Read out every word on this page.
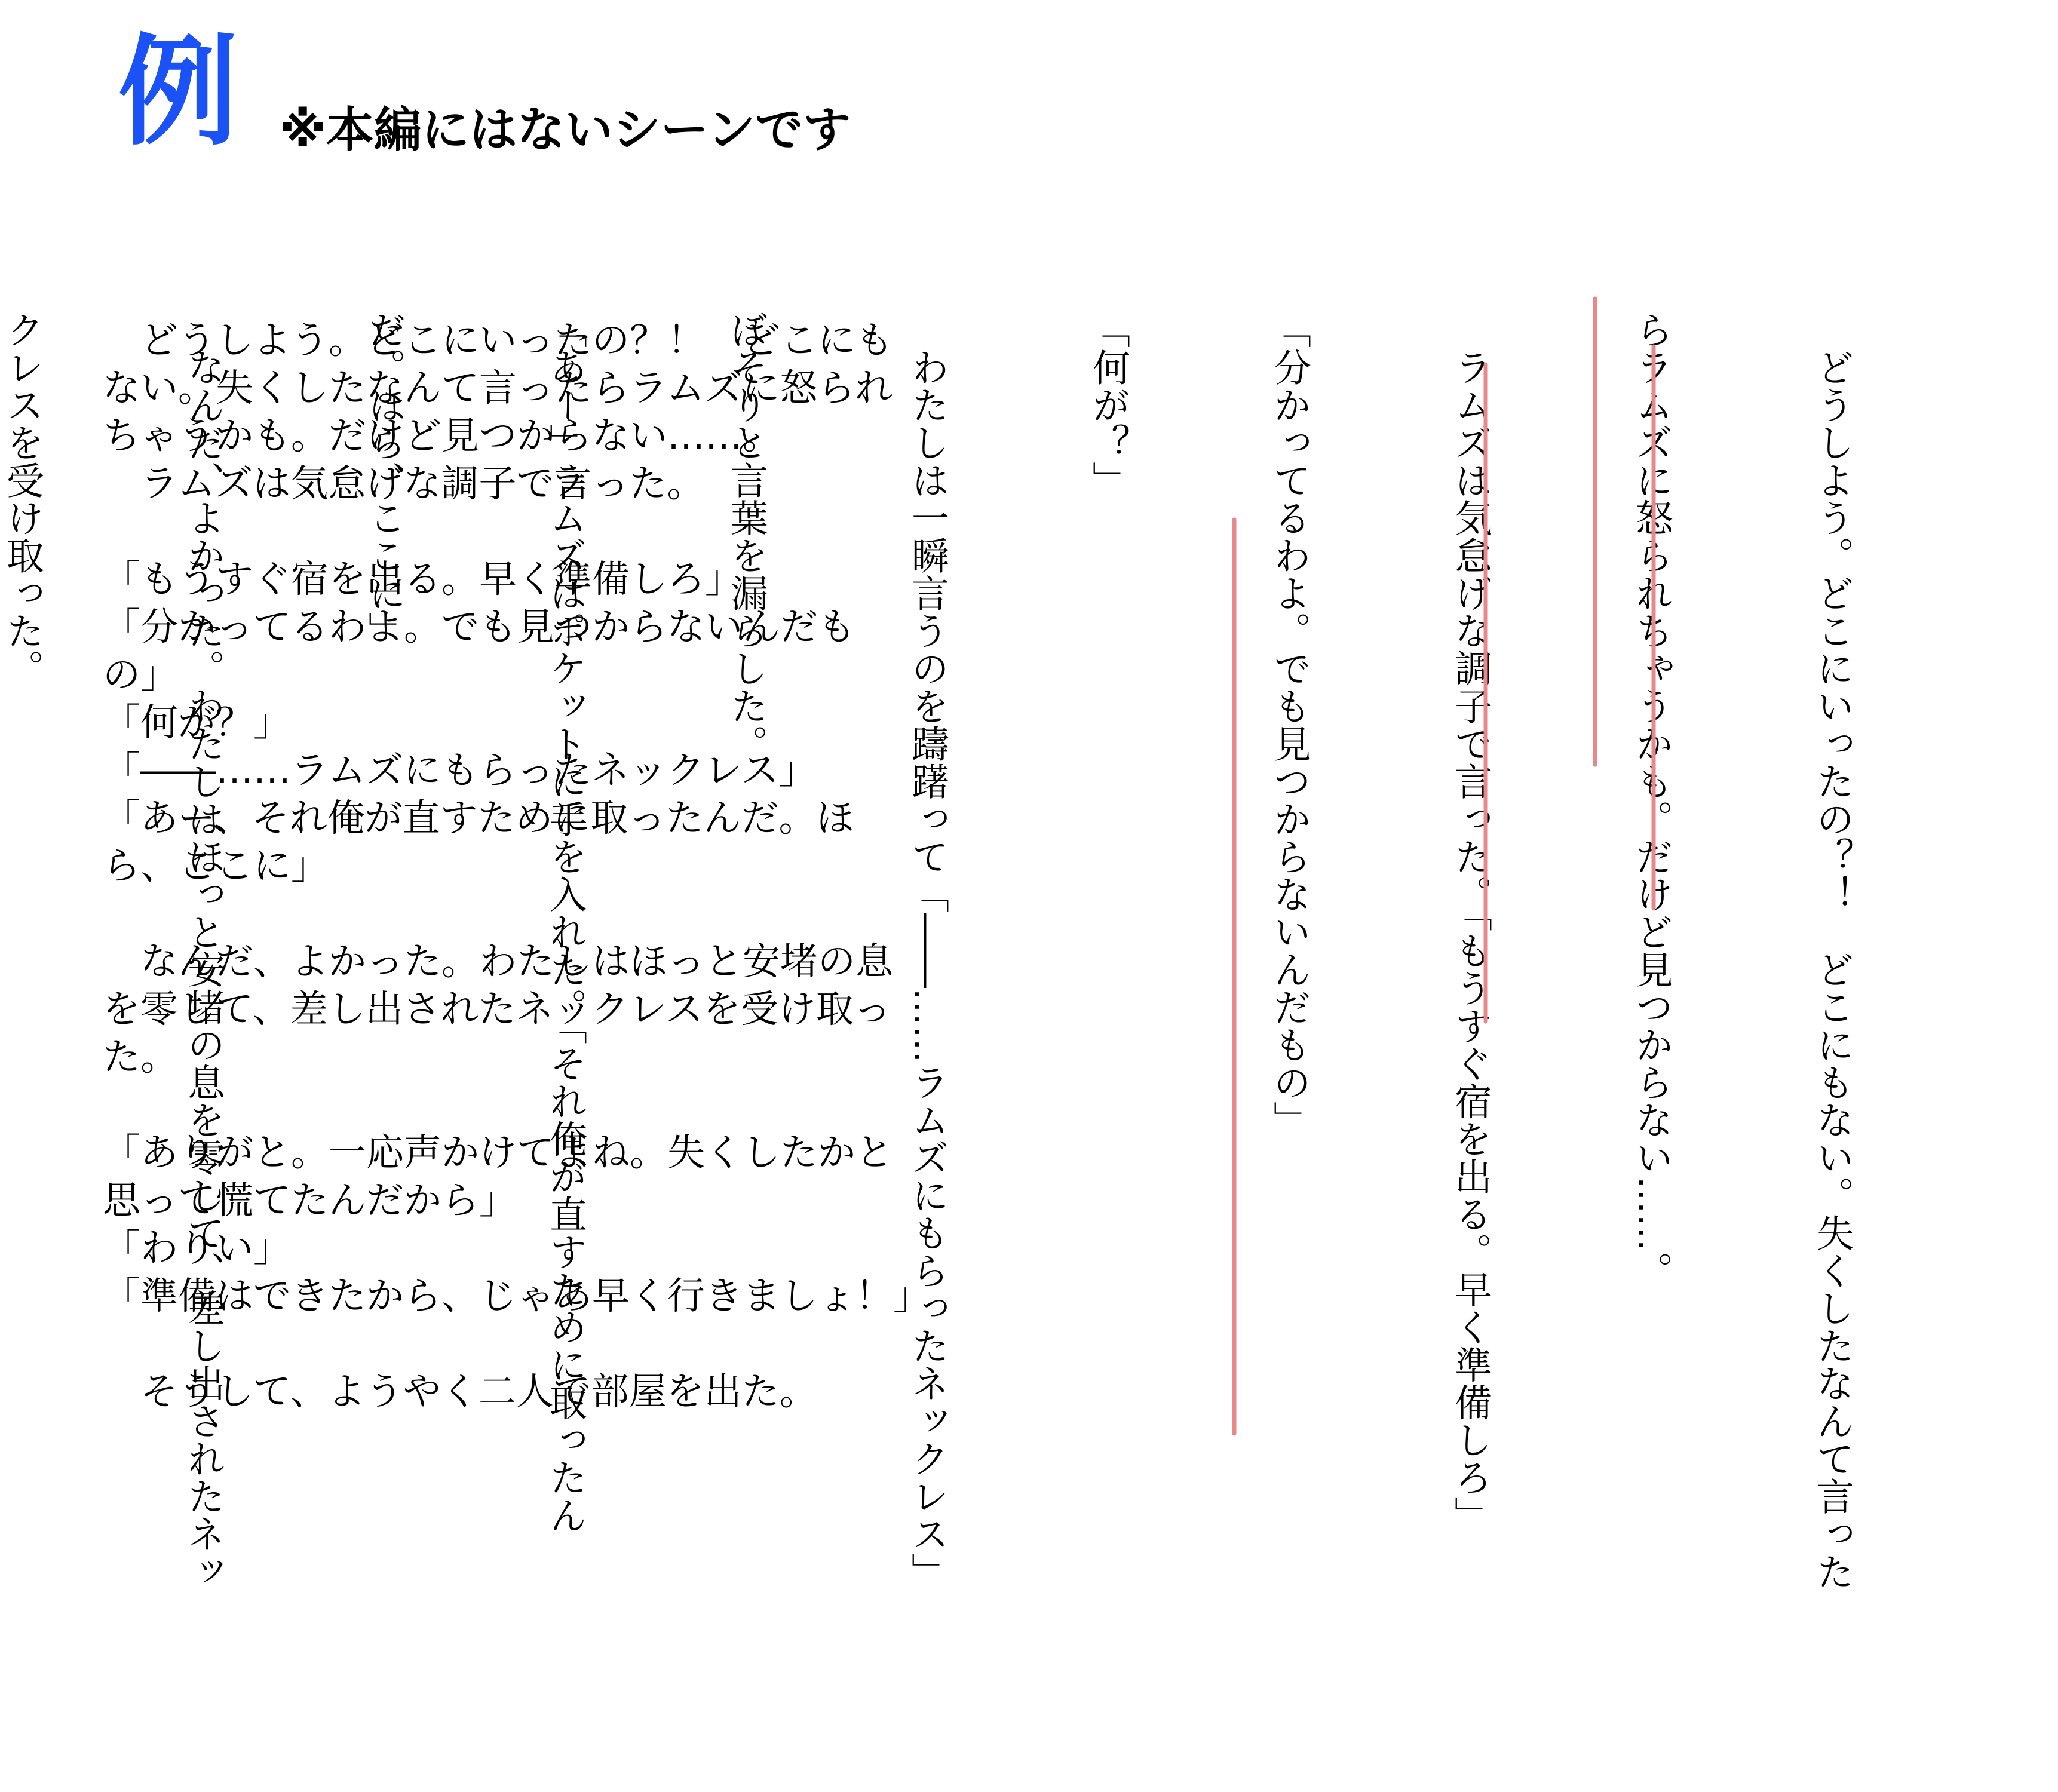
例 ※本編にはないシーンです

　どうしよう。どこにいったの？！　どこにもない。失くしたなんて言ったらラムズに怒られちゃうかも。だけど見つからない……。
　ラムズは気怠げな調子で言った。

「もうすぐ宿を出る。早く準備しろ」
「分かってるわよ。でも見つからないんだもの」
「何が？」
「――……ラムズにもらったネックレス」
「あー、それ俺が直すために取ったんだ。ほら、ここに」

　なんだ、よかった。わたしはほっと安堵の息を零して、差し出されたネックレスを受け取った。

「ありがと。一応声かけてよね。失くしたかと思って慌てたんだから」
「わりい」
「準備はできたから、じゃあ早く行きましょ！」

　そうして、ようやく二人で部屋を出た。

	　どうしよう。どこにいったの？！　どこにもない。失くしたなんて言った

らラムズに怒られちゃうかも。だけど見つからない……。

　ラムズは気怠げな調子で言った。「もうすぐ宿を出る。早く準備しろ」

「分かってるわよ。でも見つからないんだもの」

「何が？」

　わたしは一瞬言うのを躊躇って「――……ラムズにもらったネックレス」

ぼそりと言葉を漏らした。

「あー」ラムズはポケットに手を入れた。「それ俺が直すために取ったん

だ。ほら、ここに」

　なんだ、よかった。わたしはほっと安堵の息を零して、差し出されたネッ

クレスを受け取った。
